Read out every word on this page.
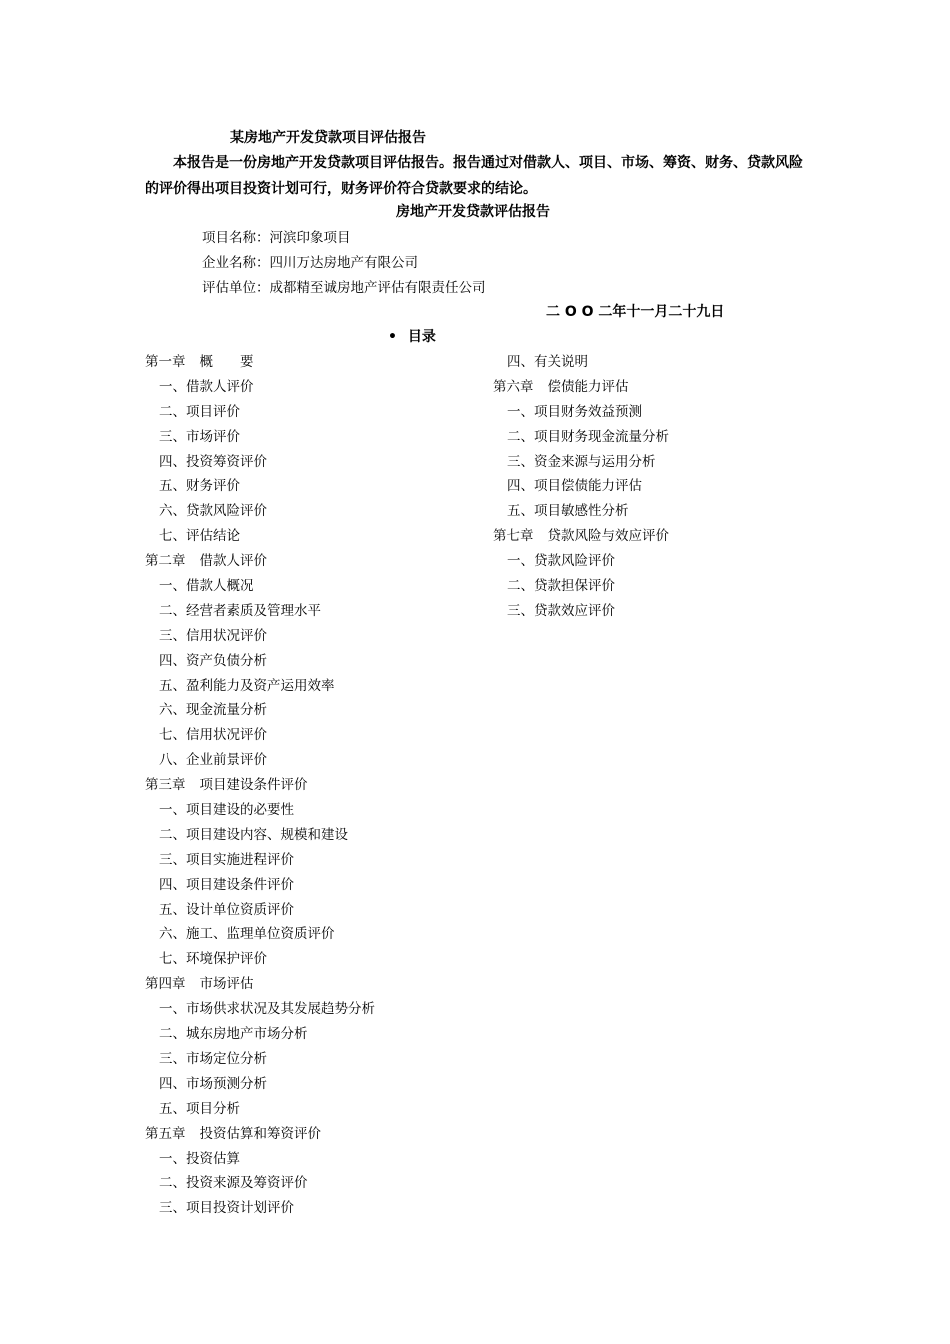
某房地产开发贷款项目评估报告
本报告是一份房地产开发贷款项目评估报告。报告通过对借款人、项目、市场、筹资、财务、贷款风险的评价得出项目投资计划可行，财务评价符合贷款要求的结论。
房地产开发贷款评估报告
项目名称：河滨印象项目
企业名称：四川万达房地产有限公司
评估单位：成都精至诚房地产评估有限责任公司
二 O O 二年十一月二十九日
• 目录
第一章 概　　要
一、借款人评价
二、项目评价
三、市场评价
四、投资筹资评价
五、财务评价
六、贷款风险评价
七、评估结论
第二章 借款人评价
一、借款人概况
二、经营者素质及管理水平
三、信用状况评价
四、资产负债分析
五、盈利能力及资产运用效率
六、现金流量分析
七、信用状况评价
八、企业前景评价
第三章 项目建设条件评价
一、项目建设的必要性
二、项目建设内容、规模和建设
三、项目实施进程评价
四、项目建设条件评价
五、设计单位资质评价
六、施工、监理单位资质评价
七、环境保护评价
第四章 市场评估
一、市场供求状况及其发展趋势分析
二、城东房地产市场分析
三、市场定位分析
四、市场预测分析
五、项目分析
第五章 投资估算和筹资评价
一、投资估算
二、投资来源及筹资评价
三、项目投资计划评价
四、有关说明
第六章 偿债能力评估
一、项目财务效益预测
二、项目财务现金流量分析
三、资金来源与运用分析
四、项目偿债能力评估
五、项目敏感性分析
第七章 贷款风险与效应评价
一、贷款风险评价
二、贷款担保评价
三、贷款效应评价
